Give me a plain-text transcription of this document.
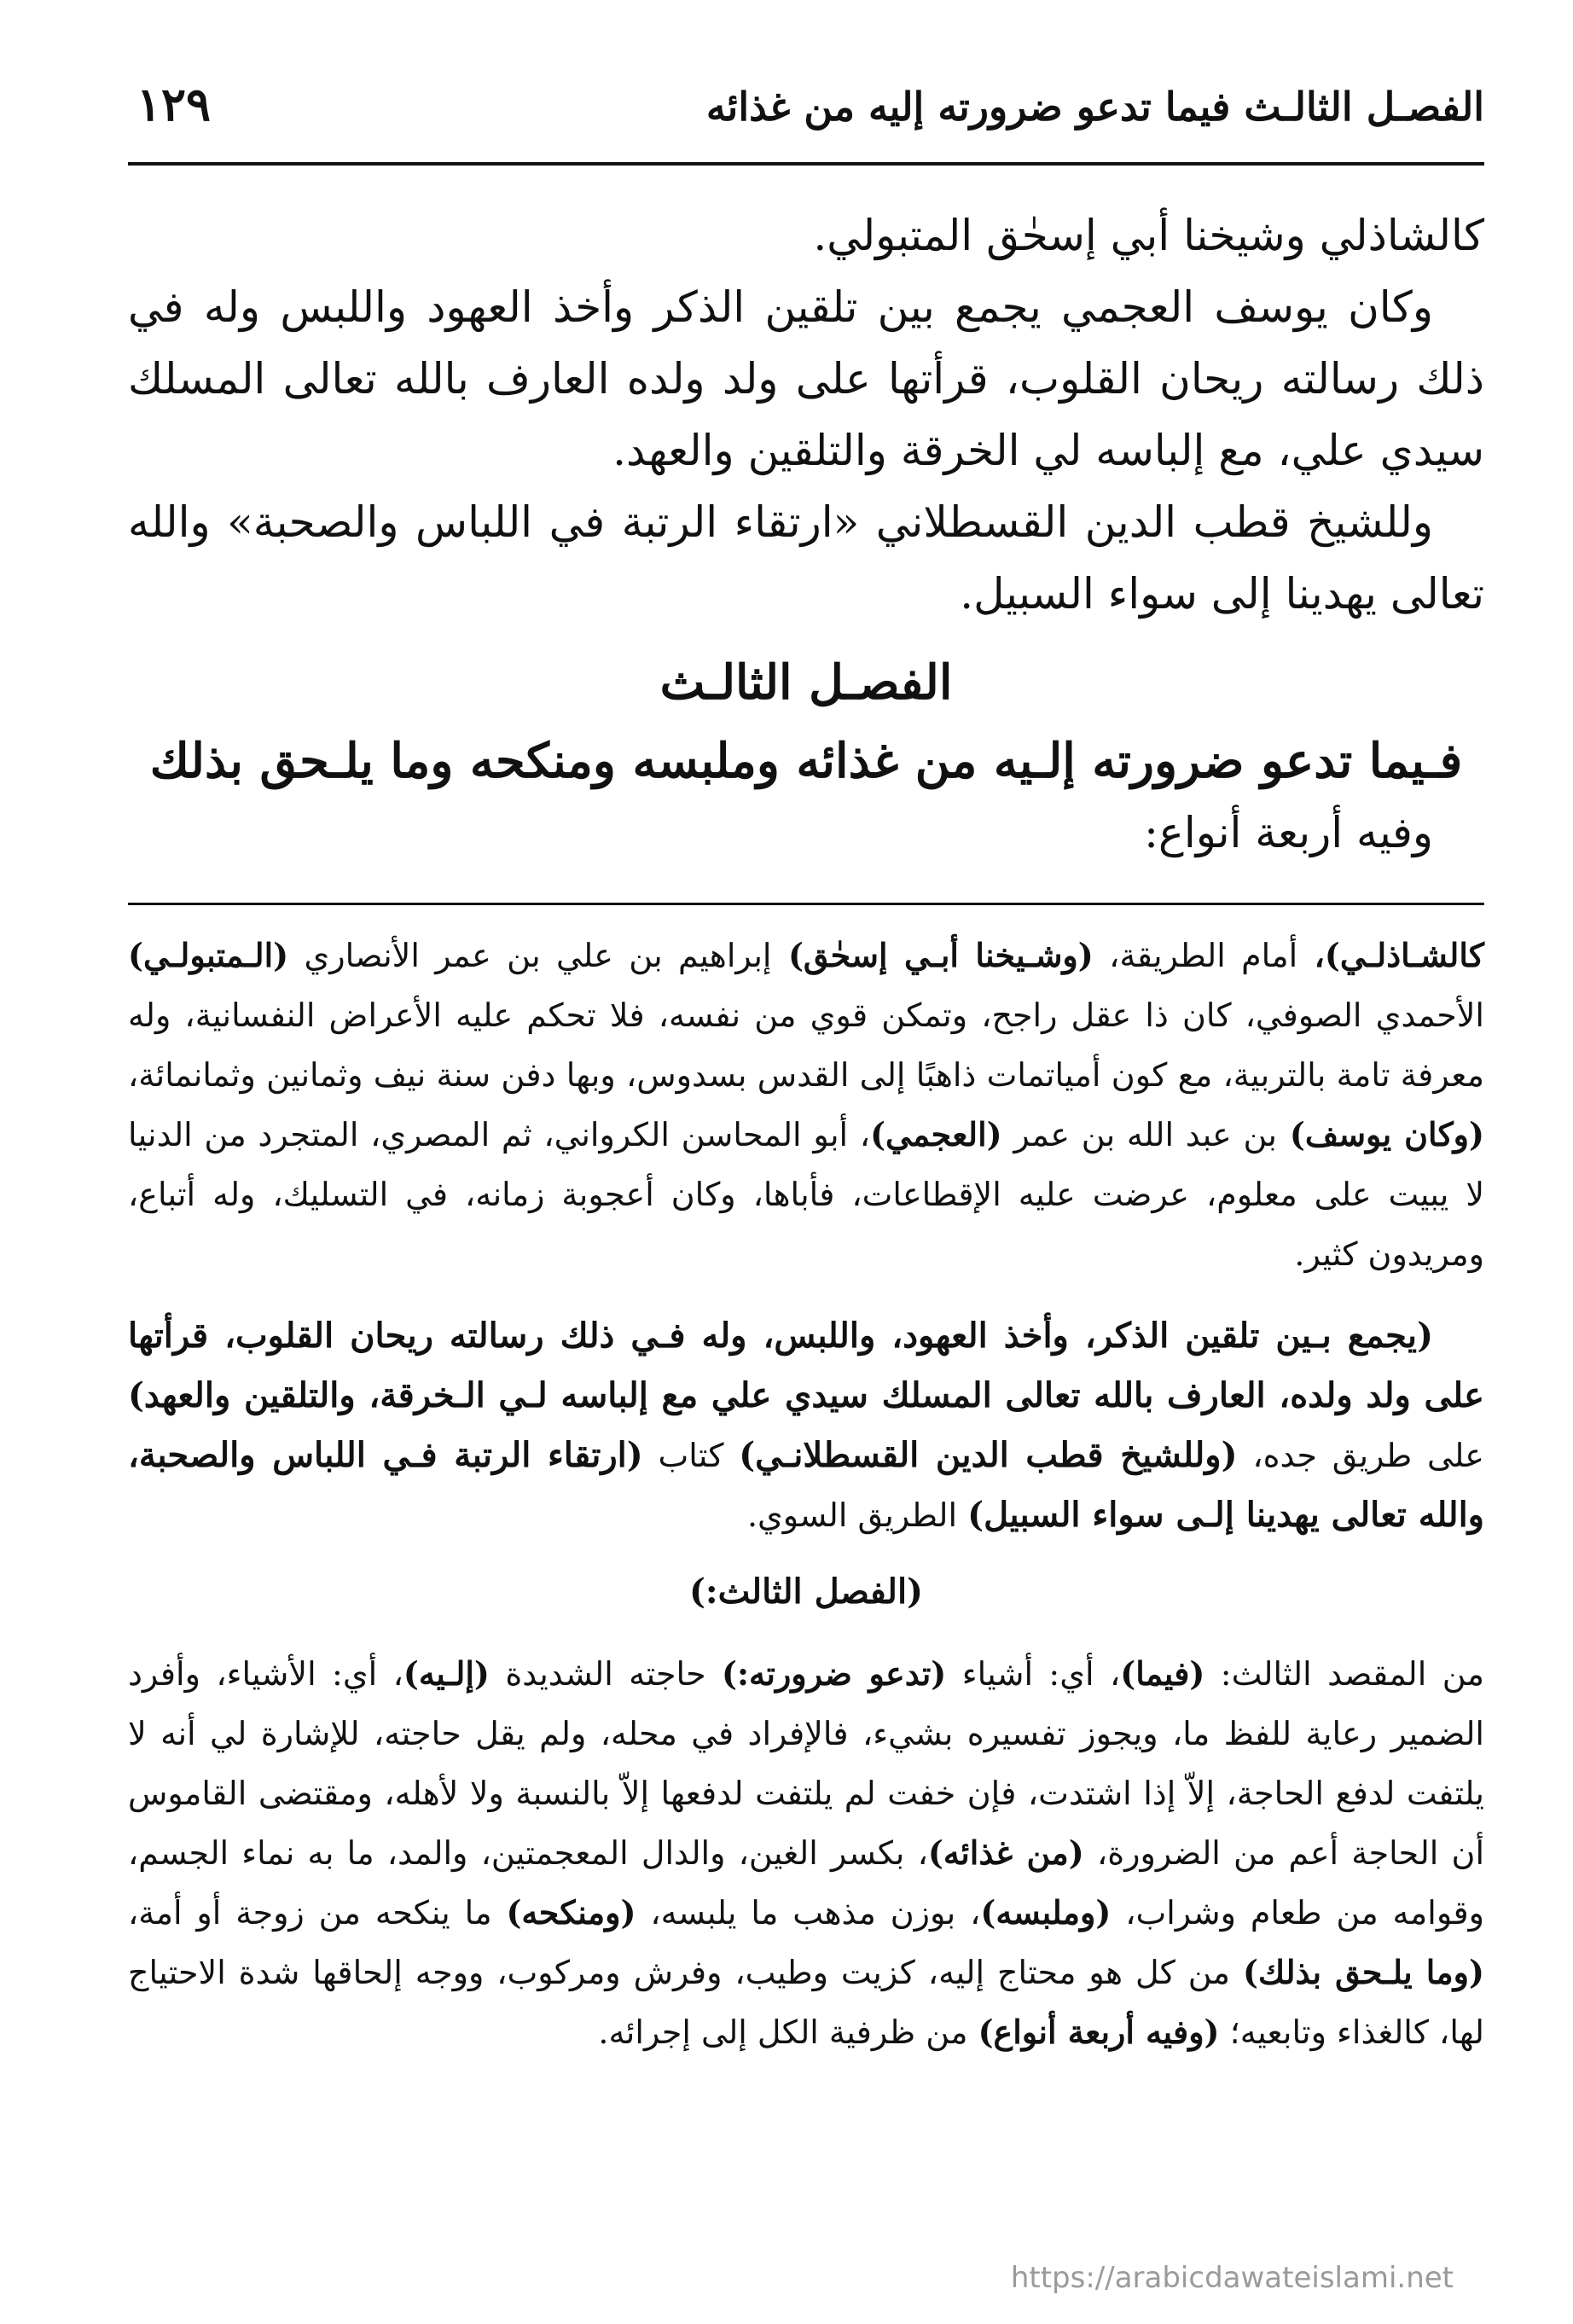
الفصـل الثالـث فيما تدعو ضرورته إليه من غذائه
١٢٩

كالشاذلي وشيخنا أبي إسحٰق المتبولي.

وكان يوسف العجمي يجمع بين تلقين الذكر وأخذ العهود واللبس وله في ذلك رسالته ريحان القلوب، قرأتها على ولد ولده العارف بالله تعالى المسلك سيدي علي، مع إلباسه لي الخرقة والتلقين والعهد.

وللشيخ قطب الدين القسطلاني «ارتقاء الرتبة في اللباس والصحبة» والله تعالى يهدينا إلى سواء السبيل.

الفصـل الثالـث
فـيما تدعو ضرورته إلـيه من غذائه وملبسه ومنكحه وما يلـحق بذلك

وفيه أربعة أنواع:

كالشـاذلـي)، أمام الطريقة، (وشـيخنا أبـي إسحٰق) إبراهيم بن علي بن عمر الأنصاري (الـمتبولـي) الأحمدي الصوفي، كان ذا عقل راجح، وتمكن قوي من نفسه، فلا تحكم عليه الأعراض النفسانية، وله معرفة تامة بالتربية، مع كون أمياتمات ذاهبًا إلى القدس بسدوس، وبها دفن سنة نيف وثمانين وثمانمائة، (وكان يوسف) بن عبد الله بن عمر (العجمي)، أبو المحاسن الكرواني، ثم المصري، المتجرد من الدنيا لا يبيت على معلوم، عرضت عليه الإقطاعات، فأباها، وكان أعجوبة زمانه، في التسليك، وله أتباع، ومريدون كثير.

(يجمع بـين تلقين الذكر، وأخذ العهود، واللبس، وله فـي ذلك رسالته ريحان القلوب، قرأتها على ولد ولده، العارف بالله تعالى المسلك سيدي علي مع إلباسه لـي الـخرقة، والتلقين والعهد) على طريق جده، (وللشيخ قطب الدين القسطلانـي) كتاب (ارتقاء الرتبة فـي اللباس والصحبة، والله تعالى يهدينا إلـى سواء السبيل) الطريق السوي.

(الفصل الثالث:)

من المقصد الثالث: (فيما)، أي: أشياء (تدعو ضرورته:) حاجته الشديدة (إلـيه)، أي: الأشياء، وأفرد الضمير رعاية للفظ ما، ويجوز تفسيره بشيء، فالإفراد في محله، ولم يقل حاجته، للإشارة لي أنه لا يلتفت لدفع الحاجة، إلاّ إذا اشتدت، فإن خفت لم يلتفت لدفعها إلاّ بالنسبة ولا لأهله، ومقتضى القاموس أن الحاجة أعم من الضرورة، (من غذائه)، بكسر الغين، والدال المعجمتين، والمد، ما به نماء الجسم، وقوامه من طعام وشراب، (وملبسه)، بوزن مذهب ما يلبسه، (ومنكحه) ما ينكحه من زوجة أو أمة، (وما يلـحق بذلك) من كل هو محتاج إليه، كزيت وطيب، وفرش ومركوب، ووجه إلحاقها شدة الاحتياج لها، كالغذاء وتابعيه؛ (وفيه أربعة أنواع) من ظرفية الكل إلى إجرائه.

https://arabicdawateislami.net
